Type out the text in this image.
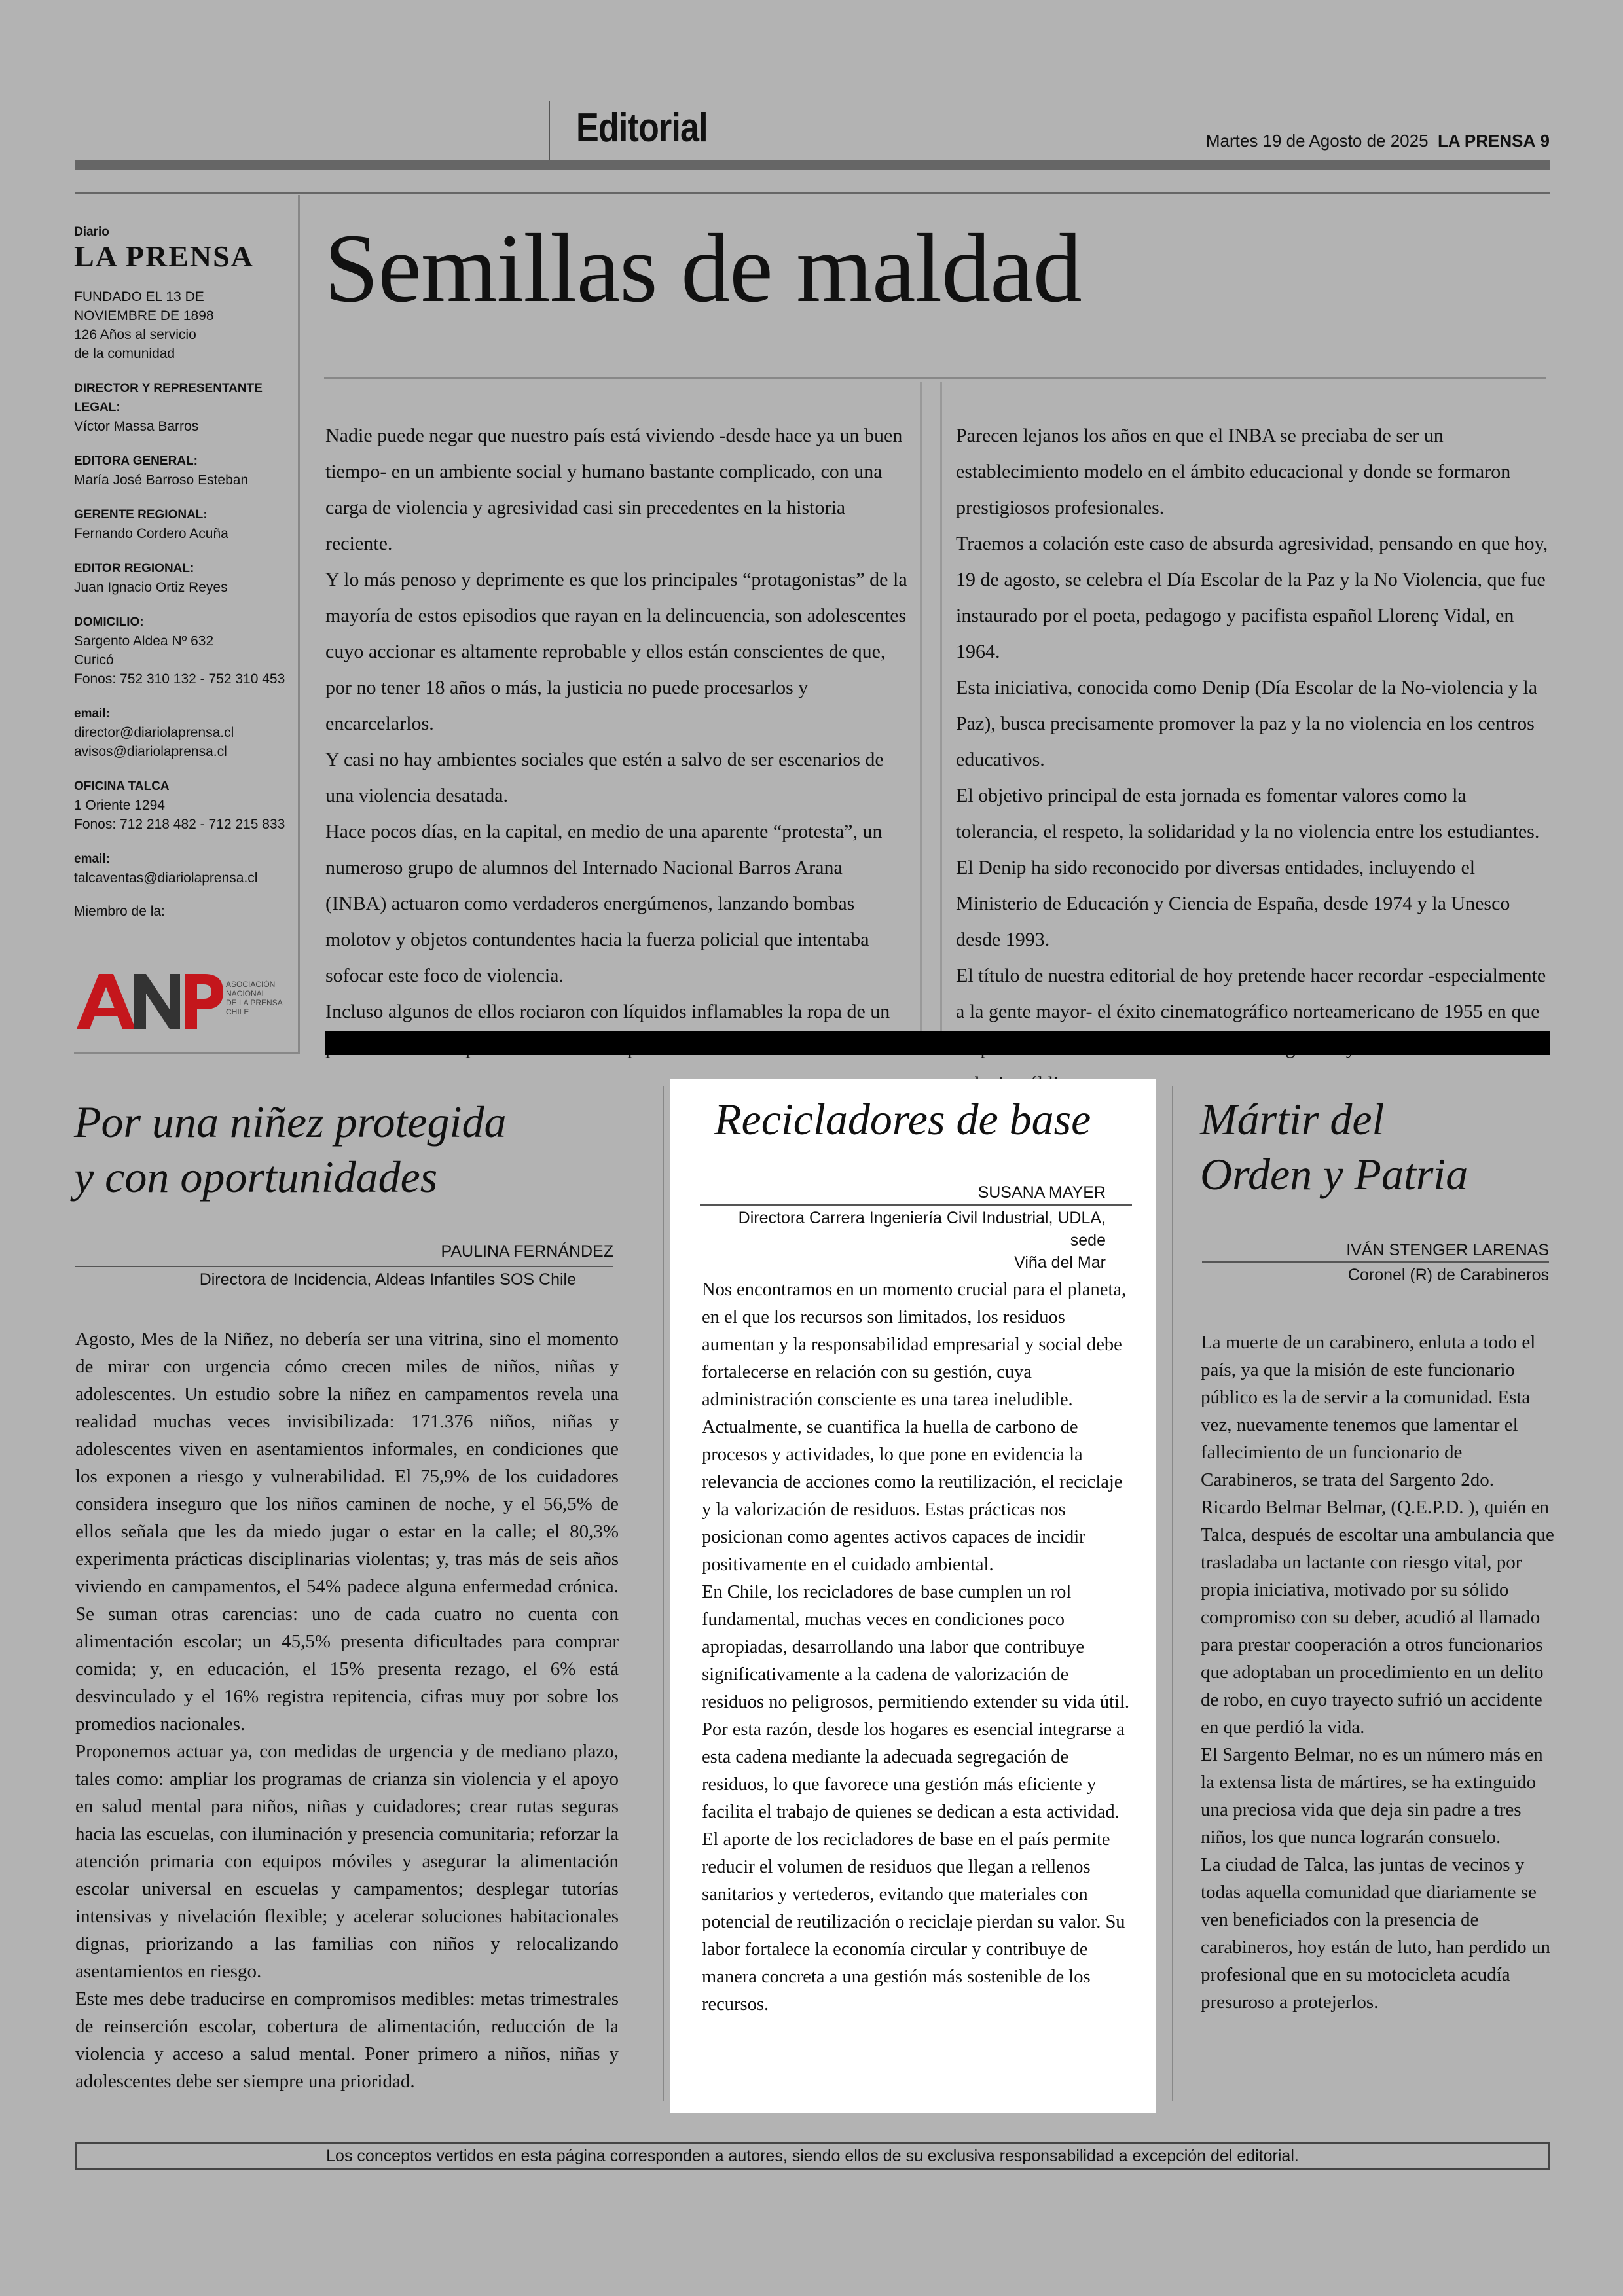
Editorial	Martes 19 de Agosto de 2025 LA PRENSA 9
Diario
LA PRENSA
FUNDADO EL 13 DE
NOVIEMBRE DE 1898
126 Años al servicio
de la comunidad
DIRECTOR Y REPRESENTANTE LEGAL:
Víctor Massa Barros
EDITORA GENERAL:
María José Barroso Esteban
GERENTE REGIONAL:
Fernando Cordero Acuña
EDITOR REGIONAL:
Juan Ignacio Ortiz Reyes
DOMICILIO:
Sargento Aldea Nº 632
Curicó
Fonos: 752 310 132 - 752 310 453
email:
director@diariolaprensa.cl
avisos@diariolaprensa.cl
OFICINA TALCA
1 Oriente 1294
Fonos: 712 218 482 - 712 215 833
email:
talcaventas@diariolaprensa.cl
Miembro de la:
ASOCIACIÓN
NACIONAL
DE LA PRENSA
CHILE
Semillas de maldad

Nadie puede negar que nuestro país está viviendo -desde hace ya un buen tiempo- en un ambiente social y humano bastante complicado, con una carga de violencia y agresividad casi sin precedentes en la historia reciente.

Y lo más penoso y deprimente es que los principales “protagonistas” de la mayoría de estos episodios que rayan en la delincuencia, son adolescentes cuyo accionar es altamente reprobable y ellos están conscientes de que, por no tener 18 años o más, la justicia no puede procesarlos y encarcelarlos.

Y casi no hay ambientes sociales que estén a salvo de ser escenarios de una violencia desatada.

Hace pocos días, en la capital, en medio de una aparente “protesta”, un numeroso grupo de alumnos del Internado Nacional Barros Arana (INBA) actuaron como verdaderos energúmenos, lanzando bombas molotov y objetos contundentes hacia la fuerza policial que intentaba sofocar este foco de violencia.

Incluso algunos de ellos rociaron con líquidos inflamables la ropa de un

Parecen lejanos los años en que el INBA se preciaba de ser un establecimiento modelo en el ámbito educacional y donde se formaron prestigiosos profesionales.

Traemos a colación este caso de absurda agresividad, pensando en que hoy, 19 de agosto, se celebra el Día Escolar de la Paz y la No Violencia, que fue instaurado por el poeta, pedagogo y pacifista español Llorenç Vidal, en 1964.

Esta iniciativa, conocida como Denip (Día Escolar de la No-violencia y la Paz), busca precisamente promover la paz y la no violencia en los centros educativos.

El objetivo principal de esta jornada es fomentar valores como la tolerancia, el respeto, la solidaridad y la no violencia entre los estudiantes.

El Denip ha sido reconocido por diversas entidades, incluyendo el Ministerio de Educación y Ciencia de España, desde 1974 y la Unesco desde 1993.

El título de nuestra editorial de hoy pretende hacer recordar -especialmente a la gente mayor- el éxito cinematográfico norteamericano de 1955 en que

Por una niñez protegida
y con oportunidades
PAULINA FERNÁNDEZ
Directora de Incidencia, Aldeas Infantiles SOS Chile

Agosto, Mes de la Niñez, no debería ser una vitrina, sino el momento de mirar con urgencia cómo crecen miles de niños, niñas y adolescentes. Un estudio sobre la niñez en campamentos revela una realidad muchas veces invisibilizada: 171.376 niños, niñas y adolescentes viven en asentamientos informales, en condiciones que los exponen a riesgo y vulnerabilidad. El 75,9% de los cuidadores considera inseguro que los niños caminen de noche, y el 56,5% de ellos señala que les da miedo jugar o estar en la calle; el 80,3% experimenta prácticas disciplinarias violentas; y, tras más de seis años viviendo en campamentos, el 54% padece alguna enfermedad crónica. Se suman otras carencias: uno de cada cuatro no cuenta con alimentación escolar; un 45,5% presenta dificultades para comprar comida; y, en educación, el 15% presenta rezago, el 6% está desvinculado y el 16% registra repitencia, cifras muy por sobre los promedios nacionales.

Proponemos actuar ya, con medidas de urgencia y de mediano plazo, tales como: ampliar los programas de crianza sin violencia y el apoyo en salud mental para niños, niñas y cuidadores; crear rutas seguras hacia las escuelas, con iluminación y presencia comunitaria; reforzar la atención primaria con equipos móviles y asegurar la alimentación escolar universal en escuelas y campamentos; desplegar tutorías intensivas y nivelación flexible; y acelerar soluciones habitacionales dignas, priorizando a las familias con niños y relocalizando asentamientos en riesgo.

Este mes debe traducirse en compromisos medibles: metas trimestrales de reinserción escolar, cobertura de alimentación, reducción de la violencia y acceso a salud mental. Poner primero a niños, niñas y adolescentes debe ser siempre una prioridad.

Recicladores de base
SUSANA MAYER
Directora Carrera Ingeniería Civil Industrial, UDLA, sede
Viña del Mar

Nos encontramos en un momento crucial para el planeta, en el que los recursos son limitados, los residuos aumentan y la responsabilidad empresarial y social debe fortalecerse en relación con su gestión, cuya administración consciente es una tarea ineludible.

Actualmente, se cuantifica la huella de carbono de procesos y actividades, lo que pone en evidencia la relevancia de acciones como la reutilización, el reciclaje y la valorización de residuos. Estas prácticas nos posicionan como agentes activos capaces de incidir positivamente en el cuidado ambiental.

En Chile, los recicladores de base cumplen un rol fundamental, muchas veces en condiciones poco apropiadas, desarrollando una labor que contribuye significativamente a la cadena de valorización de residuos no peligrosos, permitiendo extender su vida útil.

Por esta razón, desde los hogares es esencial integrarse a esta cadena mediante la adecuada segregación de residuos, lo que favorece una gestión más eficiente y facilita el trabajo de quienes se dedican a esta actividad.

El aporte de los recicladores de base en el país permite reducir el volumen de residuos que llegan a rellenos sanitarios y vertederos, evitando que materiales con potencial de reutilización o reciclaje pierdan su valor. Su labor fortalece la economía circular y contribuye de manera concreta a una gestión más sostenible de los recursos.

Mártir del
Orden y Patria
IVÁN STENGER LARENAS
Coronel (R) de Carabineros

La muerte de un carabinero, enluta a todo el país, ya que la misión de este funcionario público es la de servir a la comunidad. Esta vez, nuevamente tenemos que lamentar el fallecimiento de un funcionario de Carabineros, se trata del Sargento 2do. Ricardo Belmar Belmar, (Q.E.P.D. ), quién en Talca, después de escoltar una ambulancia que trasladaba un lactante con riesgo vital, por propia iniciativa, motivado por su sólido compromiso con su deber, acudió al llamado para prestar cooperación a otros funcionarios que adoptaban un procedimiento en un delito de robo, en cuyo trayecto sufrió un accidente en que perdió la vida.

El Sargento Belmar, no es un número más en la extensa lista de mártires, se ha extinguido una preciosa vida que deja sin padre a tres niños, los que nunca lograrán consuelo.

La ciudad de Talca, las juntas de vecinos y todas aquella comunidad que diariamente se ven beneficiados con la presencia de carabineros, hoy están de luto, han perdido un profesional que en su motocicleta acudía presuroso a protejerlos.

Los conceptos vertidos en esta página corresponden a autores, siendo ellos de su exclusiva responsabilidad a excepción del editorial.
